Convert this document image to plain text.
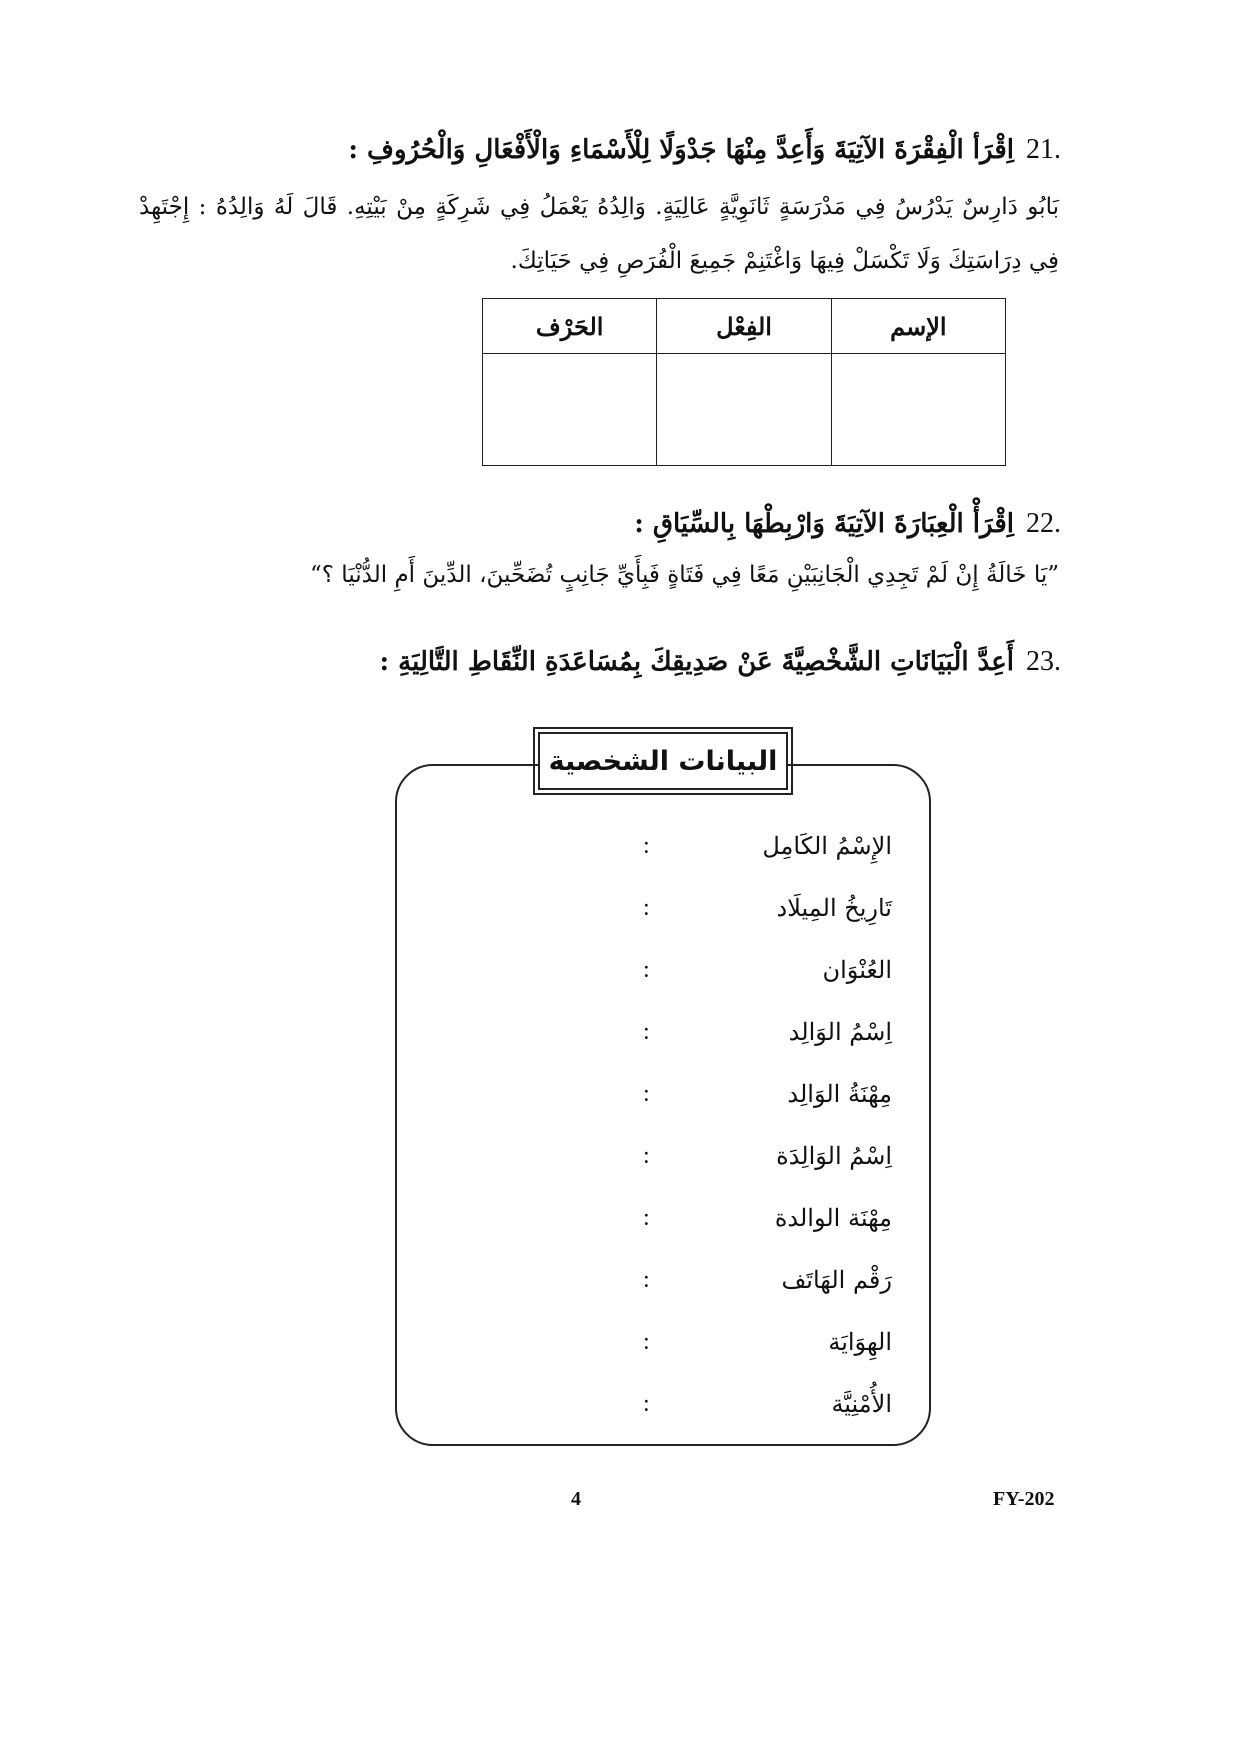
21.
اِقْرَأ الْفِقْرَةَ الآتِيَةَ وَأَعِدَّ مِنْهَا جَدْوَلًا لِلْأَسْمَاءِ وَالْأَفْعَالِ وَالْحُرُوفِ :
بَابُو دَارِسٌ يَدْرُسُ فِي مَدْرَسَةٍ ثَانَوِيَّةٍ عَالِيَةٍ. وَالِدُهُ يَعْمَلُ فِي شَرِكَةٍ مِنْ بَيْتِهِ. قَالَ لَهُ وَالِدُهُ : إِجْتَهِدْ فِي دِرَاسَتِكَ وَلَا تَكْسَلْ فِيهَا وَاغْتَنِمْ جَمِيعَ الْفُرَصِ فِي حَيَاتِكَ.
الإسم	الفِعْل	الحَرْف

22.
اِقْرَأْ الْعِبَارَةَ الآتِيَةَ وَارْبِطْهَا بِالسِّيَاقِ :
”يَا خَالَةُ إِنْ لَمْ تَجِدِي الْجَانِبَيْنِ مَعًا فِي فَتَاةٍ فَبِأَيِّ جَانِبٍ تُضَحِّينَ، الدِّينَ أَمِ الدُّنْيَا ؟“
23.
أَعِدَّ الْبَيَانَاتِ الشَّخْصِيَّةَ عَنْ صَدِيقِكَ بِمُسَاعَدَةِ النِّقَاطِ التَّالِيَةِ :
البيانات الشخصية
الإِسْمُ الكَامِل
:
تَارِيخُ المِيلَاد
:
العُنْوَان
:
اِسْمُ الوَالِد
:
مِهْنَةُ الوَالِد
:
اِسْمُ الوَالِدَة
:
مِهْنَة الوالدة
:
رَقْم الهَاتَف
:
الهِوَايَة
:
الأُمْنِيَّة
:
4	FY-202
